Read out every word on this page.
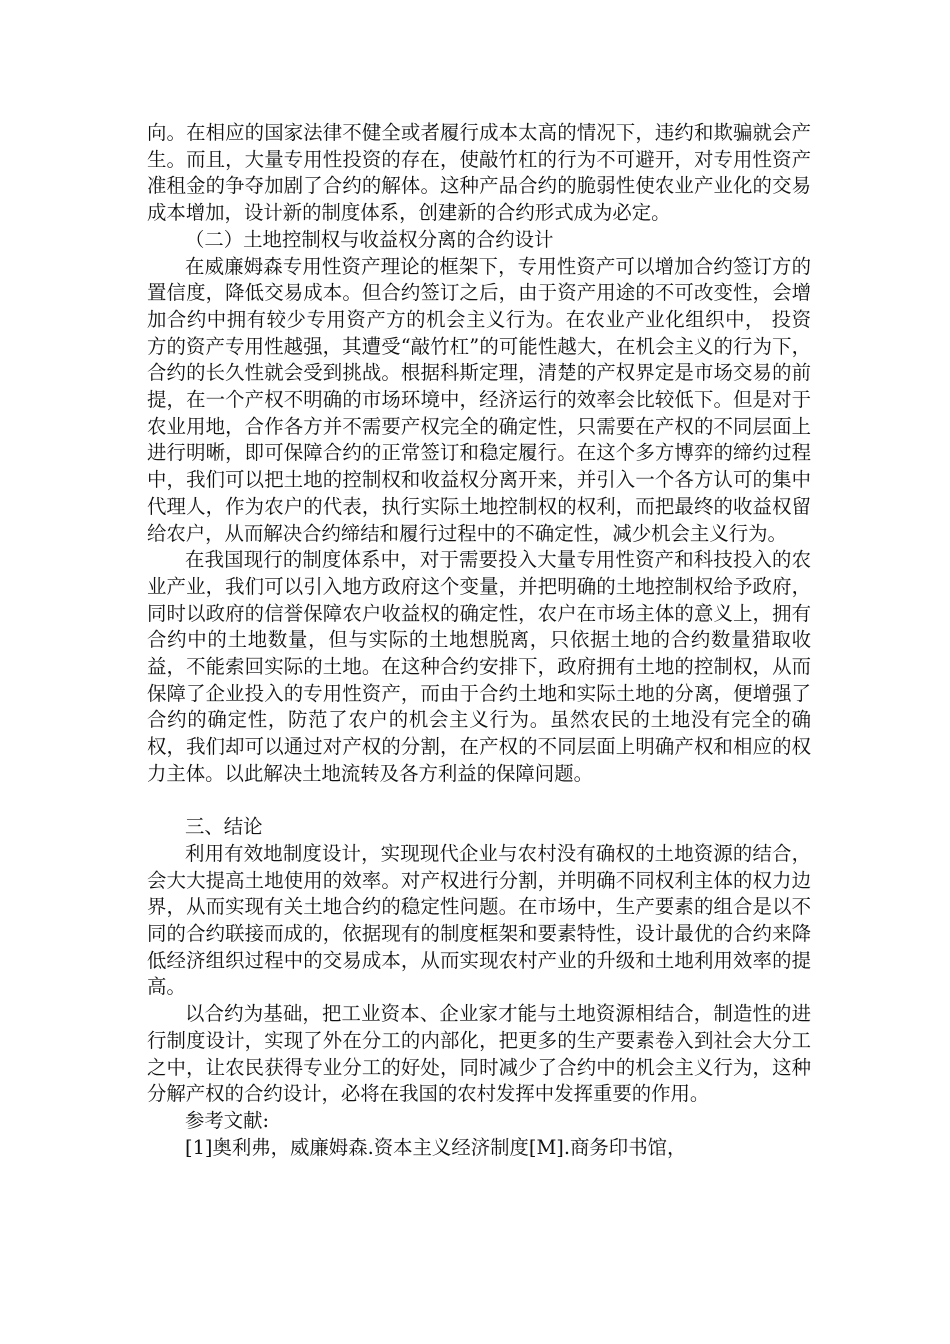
向。在相应的国家法律不健全或者履行成本太高的情况下，违约和欺骗就会产生。而且，大量专用性投资的存在，使敲竹杠的行为不可避开，对专用性资产准租金的争夺加剧了合约的解体。这种产品合约的脆弱性使农业产业化的交易成本增加，设计新的制度体系，创建新的合约形式成为必定。

（二）土地控制权与收益权分离的合约设计

在威廉姆森专用性资产理论的框架下，专用性资产可以增加合约签订方的置信度，降低交易成本。但合约签订之后，由于资产用途的不可改变性，会增加合约中拥有较少专用资产方的机会主义行为。在农业产业化组织中， 投资方的资产专用性越强，其遭受“敲竹杠”的可能性越大，在机会主义的行为下，合约的长久性就会受到挑战。根据科斯定理，清楚的产权界定是市场交易的前提，在一个产权不明确的市场环境中，经济运行的效率会比较低下。但是对于农业用地，合作各方并不需要产权完全的确定性，只需要在产权的不同层面上进行明晰，即可保障合约的正常签订和稳定履行。在这个多方博弈的缔约过程中，我们可以把土地的控制权和收益权分离开来，并引入一个各方认可的集中代理人，作为农户的代表，执行实际土地控制权的权利，而把最终的收益权留给农户，从而解决合约缔结和履行过程中的不确定性，减少机会主义行为。

在我国现行的制度体系中，对于需要投入大量专用性资产和科技投入的农业产业，我们可以引入地方政府这个变量，并把明确的土地控制权给予政府，同时以政府的信誉保障农户收益权的确定性，农户在市场主体的意义上，拥有合约中的土地数量，但与实际的土地想脱离，只依据土地的合约数量猎取收益，不能索回实际的土地。在这种合约安排下，政府拥有土地的控制权，从而保障了企业投入的专用性资产，而由于合约土地和实际土地的分离，便增强了合约的确定性，防范了农户的机会主义行为。虽然农民的土地没有完全的确权，我们却可以通过对产权的分割，在产权的不同层面上明确产权和相应的权力主体。以此解决土地流转及各方利益的保障问题。

三、结论

利用有效地制度设计，实现现代企业与农村没有确权的土地资源的结合，会大大提高土地使用的效率。对产权进行分割，并明确不同权利主体的权力边界，从而实现有关土地合约的稳定性问题。在市场中，生产要素的组合是以不同的合约联接而成的，依据现有的制度框架和要素特性，设计最优的合约来降低经济组织过程中的交易成本，从而实现农村产业的升级和土地利用效率的提高。

以合约为基础，把工业资本、企业家才能与土地资源相结合，制造性的进行制度设计，实现了外在分工的内部化，把更多的生产要素卷入到社会大分工之中，让农民获得专业分工的好处，同时减少了合约中的机会主义行为，这种分解产权的合约设计，必将在我国的农村发挥中发挥重要的作用。

参考文献:

[1]奥利弗，威廉姆森.资本主义经济制度[M].商务印书馆，
